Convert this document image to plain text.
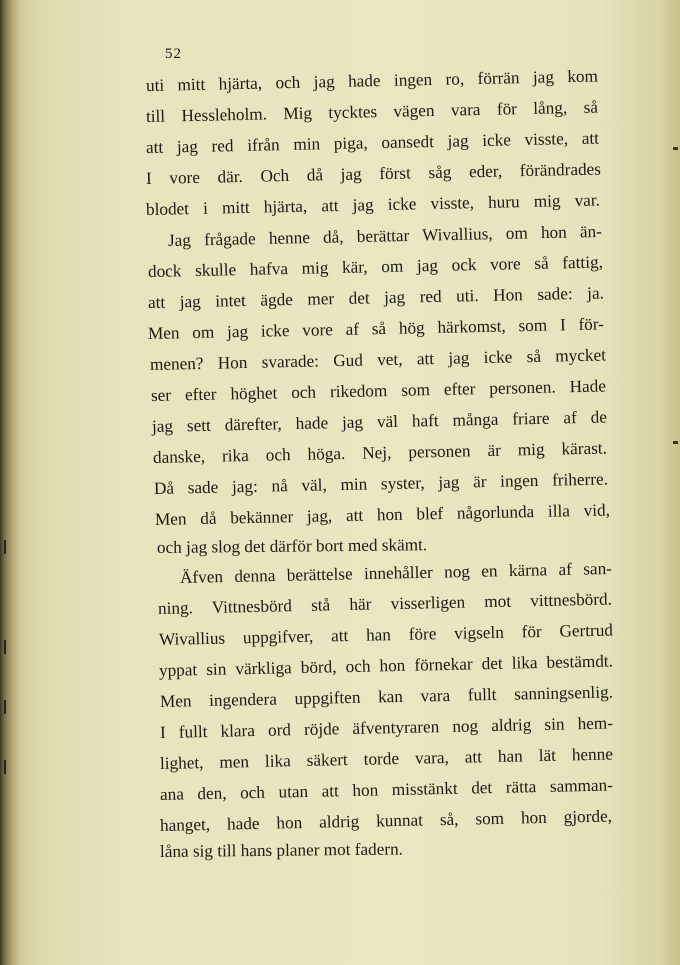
52
uti mitt hjärta, och jag hade ingen ro, förrän jag kom
till Hessleholm. Mig tycktes vägen vara för lång, så
att jag red ifrån min piga, oansedt jag icke visste, att
I vore där. Och då jag först såg eder, förändrades
blodet i mitt hjärta, att jag icke visste, huru mig var.
Jag frågade henne då, berättar Wivallius, om hon än-
dock skulle hafva mig kär, om jag ock vore så fattig,
att jag intet ägde mer det jag red uti. Hon sade: ja.
Men om jag icke vore af så hög härkomst, som I för-
menen? Hon svarade: Gud vet, att jag icke så mycket
ser efter höghet och rikedom som efter personen. Hade
jag sett därefter, hade jag väl haft många friare af de
danske, rika och höga. Nej, personen är mig kärast.
Då sade jag: nå väl, min syster, jag är ingen friherre.
Men då bekänner jag, att hon blef någorlunda illa vid,
och jag slog det därför bort med skämt.
Äfven denna berättelse innehåller nog en kärna af san-
ning. Vittnesbörd stå här visserligen mot vittnesbörd.
Wivallius uppgifver, att han före vigseln för Gertrud
yppat sin värkliga börd, och hon förnekar det lika bestämdt.
Men ingendera uppgiften kan vara fullt sanningsenlig.
I fullt klara ord röjde äfventyraren nog aldrig sin hem-
lighet, men lika säkert torde vara, att han lät henne
ana den, och utan att hon misstänkt det rätta samman-
hanget, hade hon aldrig kunnat så, som hon gjorde,
låna sig till hans planer mot fadern.
